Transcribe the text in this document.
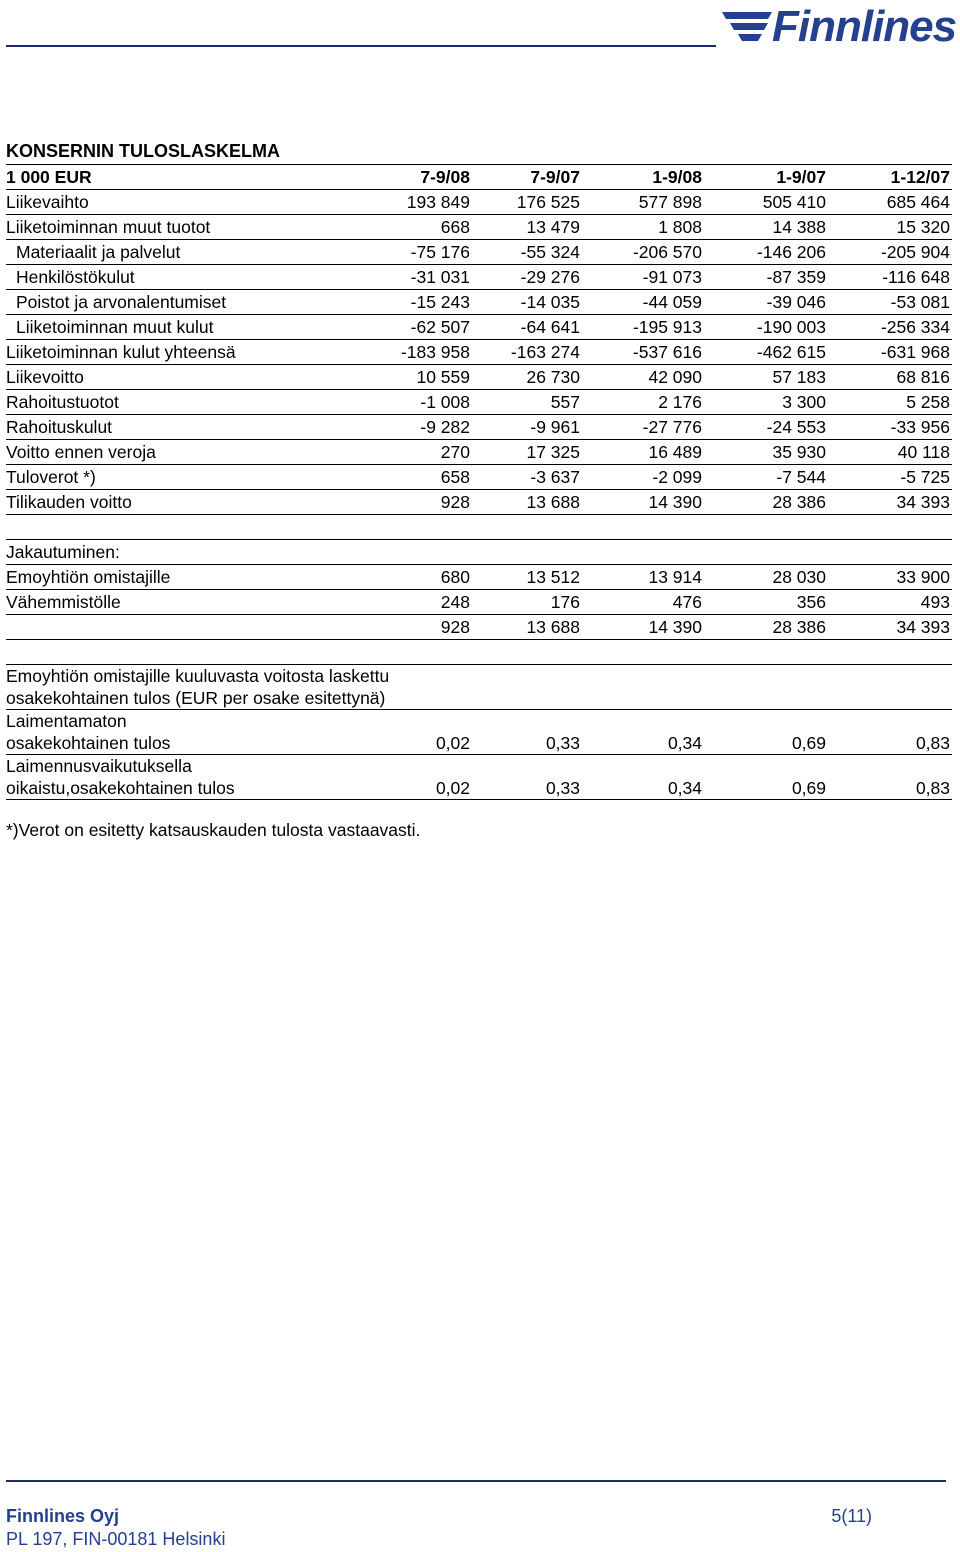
Finnlines
KONSERNIN TULOSLASKELMA
1 000 EUR	7-9/08	7-9/07	1-9/08	1-9/07	1-12/07
Liikevaihto	193 849	176 525	577 898	505 410	685 464
Liiketoiminnan muut tuotot	668	13 479	1 808	14 388	15 320
Materiaalit ja palvelut	-75 176	-55 324	-206 570	-146 206	-205 904
Henkilöstökulut	-31 031	-29 276	-91 073	-87 359	-116 648
Poistot ja arvonalentumiset	-15 243	-14 035	-44 059	-39 046	-53 081
Liiketoiminnan muut kulut	-62 507	-64 641	-195 913	-190 003	-256 334
Liiketoiminnan kulut yhteensä	-183 958	-163 274	-537 616	-462 615	-631 968
Liikevoitto	10 559	26 730	42 090	57 183	68 816
Rahoitustuotot	-1 008	557	2 176	3 300	5 258
Rahoituskulut	-9 282	-9 961	-27 776	-24 553	-33 956
Voitto ennen veroja	270	17 325	16 489	35 930	40 118
Tuloverot *)	658	-3 637	-2 099	-7 544	-5 725
Tilikauden voitto	928	13 688	14 390	28 386	34 393

Jakautuminen:					
Emoyhtiön omistajille	680	13 512	13 914	28 030	33 900
Vähemmistölle	248	176	476	356	493
	928	13 688	14 390	28 386	34 393

Emoyhtiön omistajille kuuluvasta voitosta laskettu
osakekohtainen tulos (EUR per osake esitettynä)					

Laimentamaton
osakekohtainen tulos	0,02	0,33	0,34	0,69	0,83

Laimennusvaikutuksella
oikaistu,osakekohtainen tulos	0,02	0,33	0,34	0,69	0,83
*)Verot on esitetty katsauskauden tulosta vastaavasti.
Finnlines Oyj
PL 197, FIN-00181 Helsinki
5(11)
